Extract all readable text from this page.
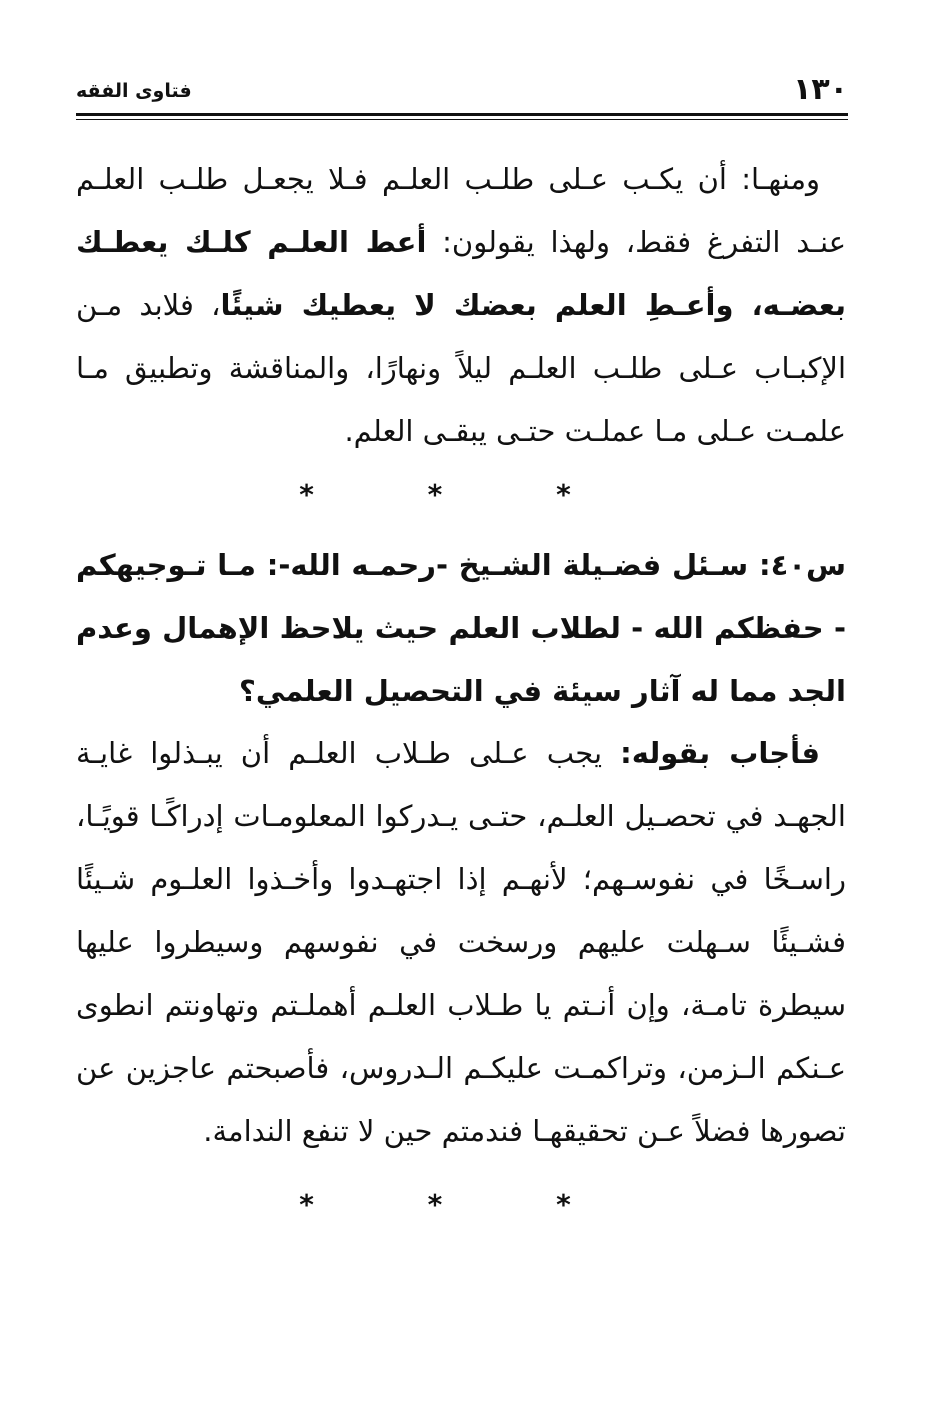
١٣٠
فتاوى الفقه

ومنهـا: أن يكـب عـلى طلـب العلـم فـلا يجعـل طلـب العلـم عنـد التفرغ فقط، ولهذا يقولون: أعط العلـم كلـك يعطـك بعضـه، وأعـطِ العلم بعضك لا يعطيك شيئًا، فلابد مـن الإكبـاب عـلى طلـب العلـم ليلاً ونهارًا، والمناقشة وتطبيق مـا علمـت عـلى مـا عملـت حتـى يبقـى العلم.

* * *

س٤٠: سـئل فضـيلة الشـيخ -رحمـه الله-: مـا تـوجيهكم - حفظكم الله - لطلاب العلم حيث يلاحظ الإهمال وعدم الجد مما له آثار سيئة في التحصيل العلمي؟

فأجاب بقوله: يجب عـلى طـلاب العلـم أن يبـذلوا غايـة الجهـد في تحصـيل العلـم، حتـى يـدركوا المعلومـات إدراكًـا قويًـا، راسـخًا في نفوسـهم؛ لأنهـم إذا اجتهـدوا وأخـذوا العلـوم شـيئًا فشـيئًا سـهلت عليهم ورسخت في نفوسهم وسيطروا عليها سيطرة تامـة، وإن أنـتم يا طـلاب العلـم أهملـتم وتهاونتم انطوى عـنكم الـزمن، وتراكمـت عليكـم الـدروس، فأصبحتم عاجزين عن تصورها فضلاً عـن تحقيقهـا فندمتم حين لا تنفع الندامة.

* * *
